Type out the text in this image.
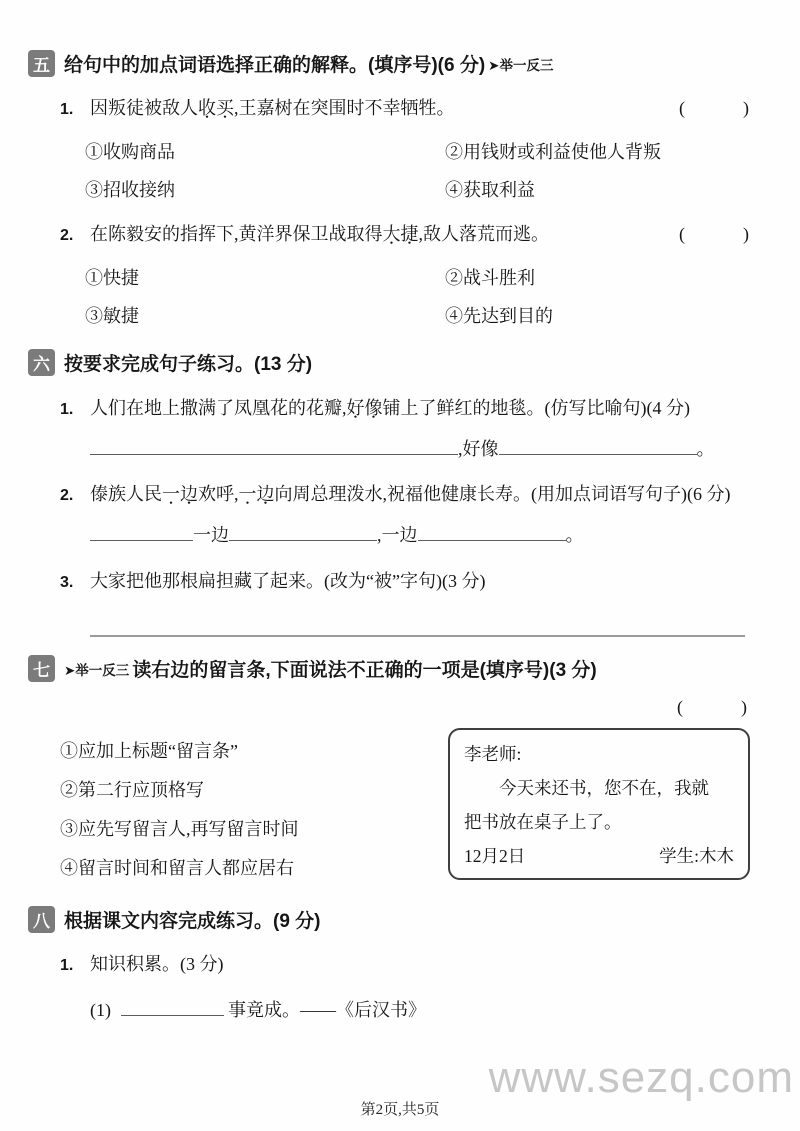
五 给句中的加点词语选择正确的解释。(填序号)(6 分) ➤举一反三
1. 因叛徒被敌人收买,王嘉树在突围时不幸牺牲。	(　　　)
①收购商品	②用钱财或利益使他人背叛
③招收接纳	④获取利益
2. 在陈毅安的指挥下,黄洋界保卫战取得大捷,敌人落荒而逃。	(　　　)
①快捷	②战斗胜利
③敏捷	④先达到目的
六 按要求完成句子练习。(13 分)
1. 人们在地上撒满了凤凰花的花瓣,好像铺上了鲜红的地毯。(仿写比喻句)(4 分)
,好像	。
2. 傣族人民一边欢呼,一边向周总理泼水,祝福他健康长寿。(用加点词语写句子)(6 分)
一边	,一边	。
3. 大家把他那根扁担藏了起来。(改为“被”字句)(3 分)
七	➤举一反三 读右边的留言条,下面说法不正确的一项是(填序号)(3 分)
(　　　)
①应加上标题“留言条”
②第二行应顶格写
③应先写留言人,再写留言时间
④留言时间和留言人都应居右

李老师:

今天来还书，您不在，我就

把书放在桌子上了。

12月2日	学生:木木
八 根据课文内容完成练习。(9 分)
1. 知识积累。(3 分)
(1)	事竟成。——《后汉书》
www.sezq.com
第2页,共5页
